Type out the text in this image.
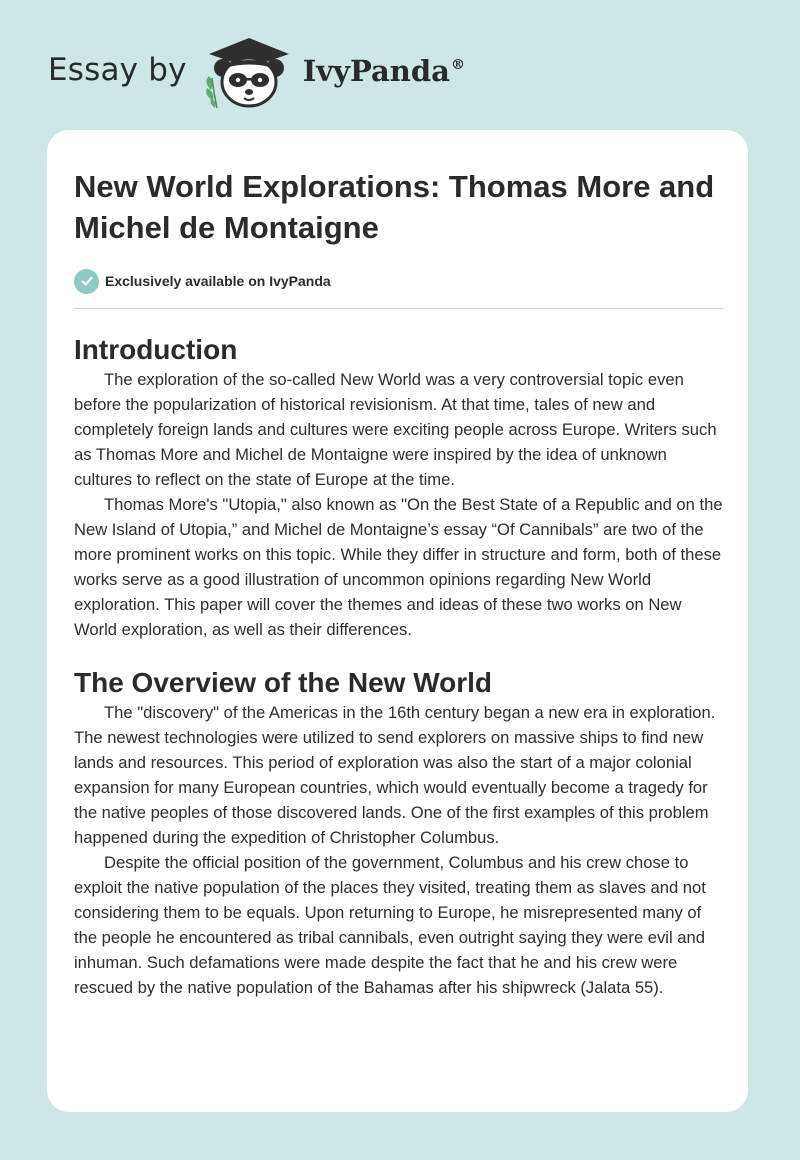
Essay by	IvyPanda®
New World Explorations: Thomas More and Michel de Montaigne
Exclusively available on IvyPanda
Introduction

The exploration of the so-called New World was a very controversial topic even before the popularization of historical revisionism. At that time, tales of new and completely foreign lands and cultures were exciting people across Europe. Writers such as Thomas More and Michel de Montaigne were inspired by the idea of unknown cultures to reflect on the state of Europe at the time.

Thomas More's "Utopia," also known as "On the Best State of a Republic and on the New Island of Utopia,” and Michel de Montaigne’s essay “Of Cannibals” are two of the more prominent works on this topic. While they differ in structure and form, both of these works serve as a good illustration of uncommon opinions regarding New World exploration. This paper will cover the themes and ideas of these two works on New World exploration, as well as their differences.

The Overview of the New World

The "discovery" of the Americas in the 16th century began a new era in exploration. The newest technologies were utilized to send explorers on massive ships to find new lands and resources. This period of exploration was also the start of a major colonial expansion for many European countries, which would eventually become a tragedy for the native peoples of those discovered lands. One of the first examples of this problem happened during the expedition of Christopher Columbus.

Despite the official position of the government, Columbus and his crew chose to exploit the native population of the places they visited, treating them as slaves and not considering them to be equals. Upon returning to Europe, he misrepresented many of the people he encountered as tribal cannibals, even outright saying they were evil and inhuman. Such defamations were made despite the fact that he and his crew were rescued by the native population of the Bahamas after his shipwreck (Jalata 55).
